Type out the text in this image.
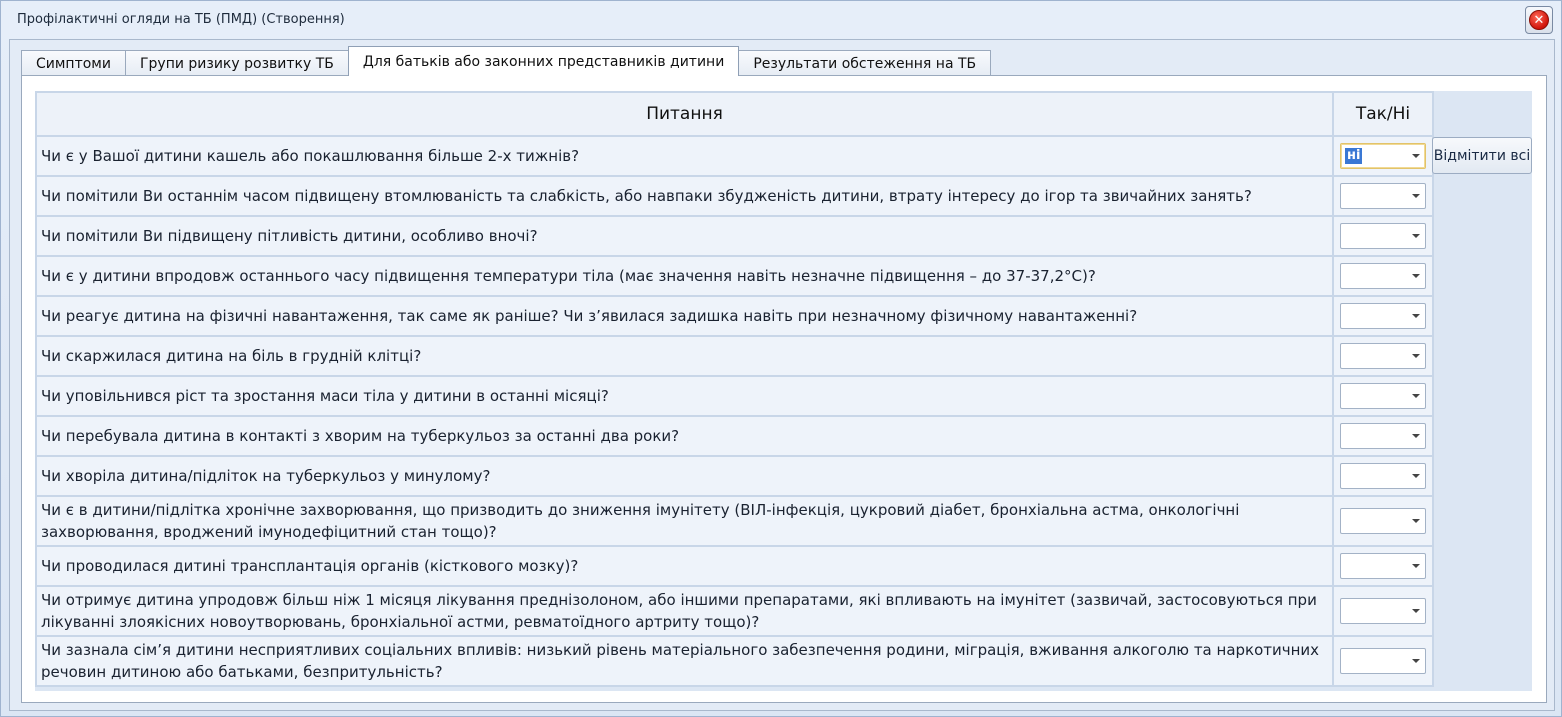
Профілактичні огляди на ТБ (ПМД) (Створення)	✕
Симптоми	Групи ризику розвитку ТБ	Для батьків або законних представників дитини	Результати обстеження на ТБ
Питання	Так/Ні
Чи є у Вашої дитини кашель або покашлювання більше 2-х тижнів?	ні

Чи помітили Ви останнім часом підвищену втомлюваність та слабкість, або навпаки збудженість дитини, втрату інтересу до ігор та звичайних занять?	

Чи помітили Ви підвищену пітливість дитини, особливо вночі?	

Чи є у дитини впродовж останнього часу підвищення температури тіла (має значення навіть незначне підвищення – до 37-37,2°С)?	

Чи реагує дитина на фізичні навантаження, так саме як раніше? Чи з’явилася задишка навіть при незначному фізичному навантаженні?	

Чи скаржилася дитина на біль в грудній клітці?	

Чи уповільнився ріст та зростання маси тіла у дитини в останні місяці?	

Чи перебувала дитина в контакті з хворим на туберкульоз за останні два роки?	

Чи хворіла дитина/підліток на туберкульоз у минулому?	

Чи є в дитини/підлітка хронічне захворювання, що призводить до зниження імунітету (ВІЛ-інфекція, цукровий діабет, бронхіальна астма, онкологічні захворювання, вроджений імунодефіцитний стан тощо)?	

Чи проводилася дитині трансплантація органів (кісткового мозку)?	

Чи отримує дитина упродовж більш ніж 1 місяця лікування преднізолоном, або іншими препаратами, які впливають на імунітет (зазвичай, застосовуються при лікуванні злоякісних новоутворювань, бронхіальної астми, ревматоїдного артриту тощо)?	

Чи зазнала сім’я дитини несприятливих соціальних впливів: низький рівень матеріального забезпечення родини, міграція, вживання алкоголю та наркотичних речовин дитиною або батьками, безпритульність?	
Відмітити всі
